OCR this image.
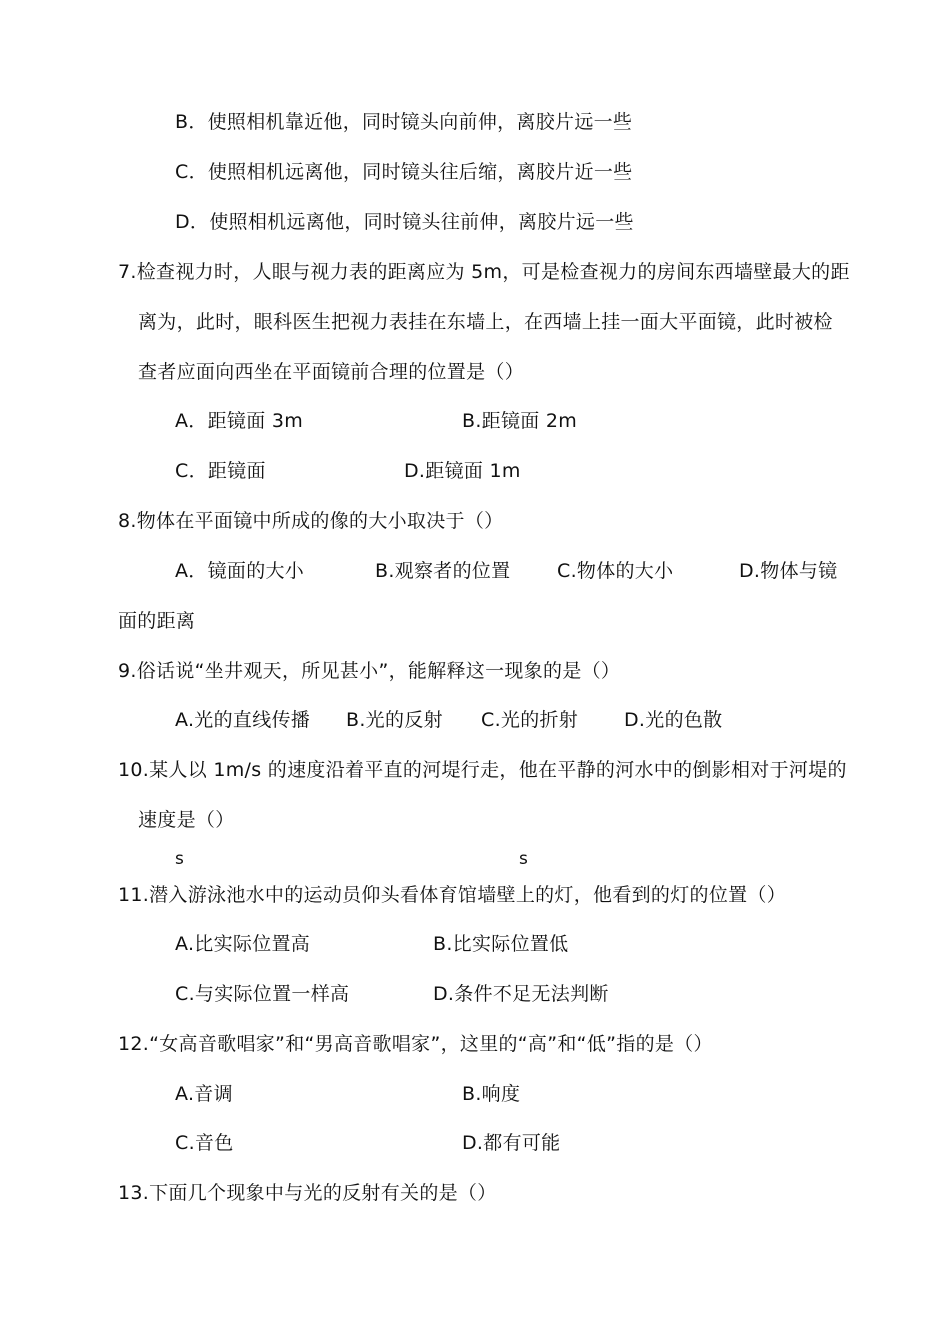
B．使照相机靠近他，同时镜头向前伸，离胶片远一些
C．使照相机远离他，同时镜头往后缩，离胶片近一些
D．使照相机远离他，同时镜头往前伸，离胶片远一些
7.检查视力时，人眼与视力表的距离应为 5m，可是检查视力的房间东西墙壁最大的距
离为，此时，眼科医生把视力表挂在东墙上，在西墙上挂一面大平面镜，此时被检
查者应面向西坐在平面镜前合理的位置是（）
A．距镜面 3m	B.距镜面 2m
C．距镜面	D.距镜面 1m
8.物体在平面镜中所成的像的大小取决于（）
A．镜面的大小	B.观察者的位置 C.物体的大小	D.物体与镜
面的距离
9.俗话说“坐井观天，所见甚小”，能解释这一现象的是（）
A.光的直线传播 B.光的反射 C.光的折射 D.光的色散
10.某人以 1m/s 的速度沿着平直的河堤行走，他在平静的河水中的倒影相对于河堤的
速度是（）
s	s
11.潜入游泳池水中的运动员仰头看体育馆墙壁上的灯，他看到的灯的位置（）
A.比实际位置高	B.比实际位置低
C.与实际位置一样高	D.条件不足无法判断
12.“女高音歌唱家”和“男高音歌唱家”，这里的“高”和“低”指的是（）
A.音调	B.响度
C.音色	D.都有可能
13.下面几个现象中与光的反射有关的是（）
